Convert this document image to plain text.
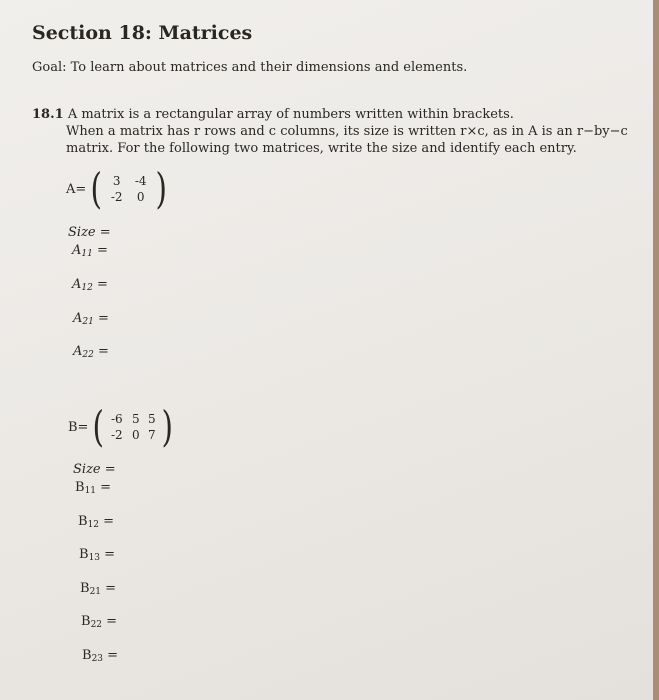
Section 18: Matrices
Goal: To learn about matrices and their dimensions and elements.
18.1 A matrix is a rectangular array of numbers written within brackets.
When a matrix has r rows and c columns, its size is written r×c, as in A is an r−by−c
matrix. For the following two matrices, write the size and identify each entry.
A= ( 3	-4
-2	0 )
Size =
$A_{11}$ =
$A_{12}$ =
$A_{21}$ =
$A_{22}$ =
B= ( -6 5 5
-2 0 7 )
Size =
$B_{11}$ =
$B_{12}$ =
$B_{13}$ =
$B_{21}$ =
$B_{22}$ =
$B_{23}$ =
